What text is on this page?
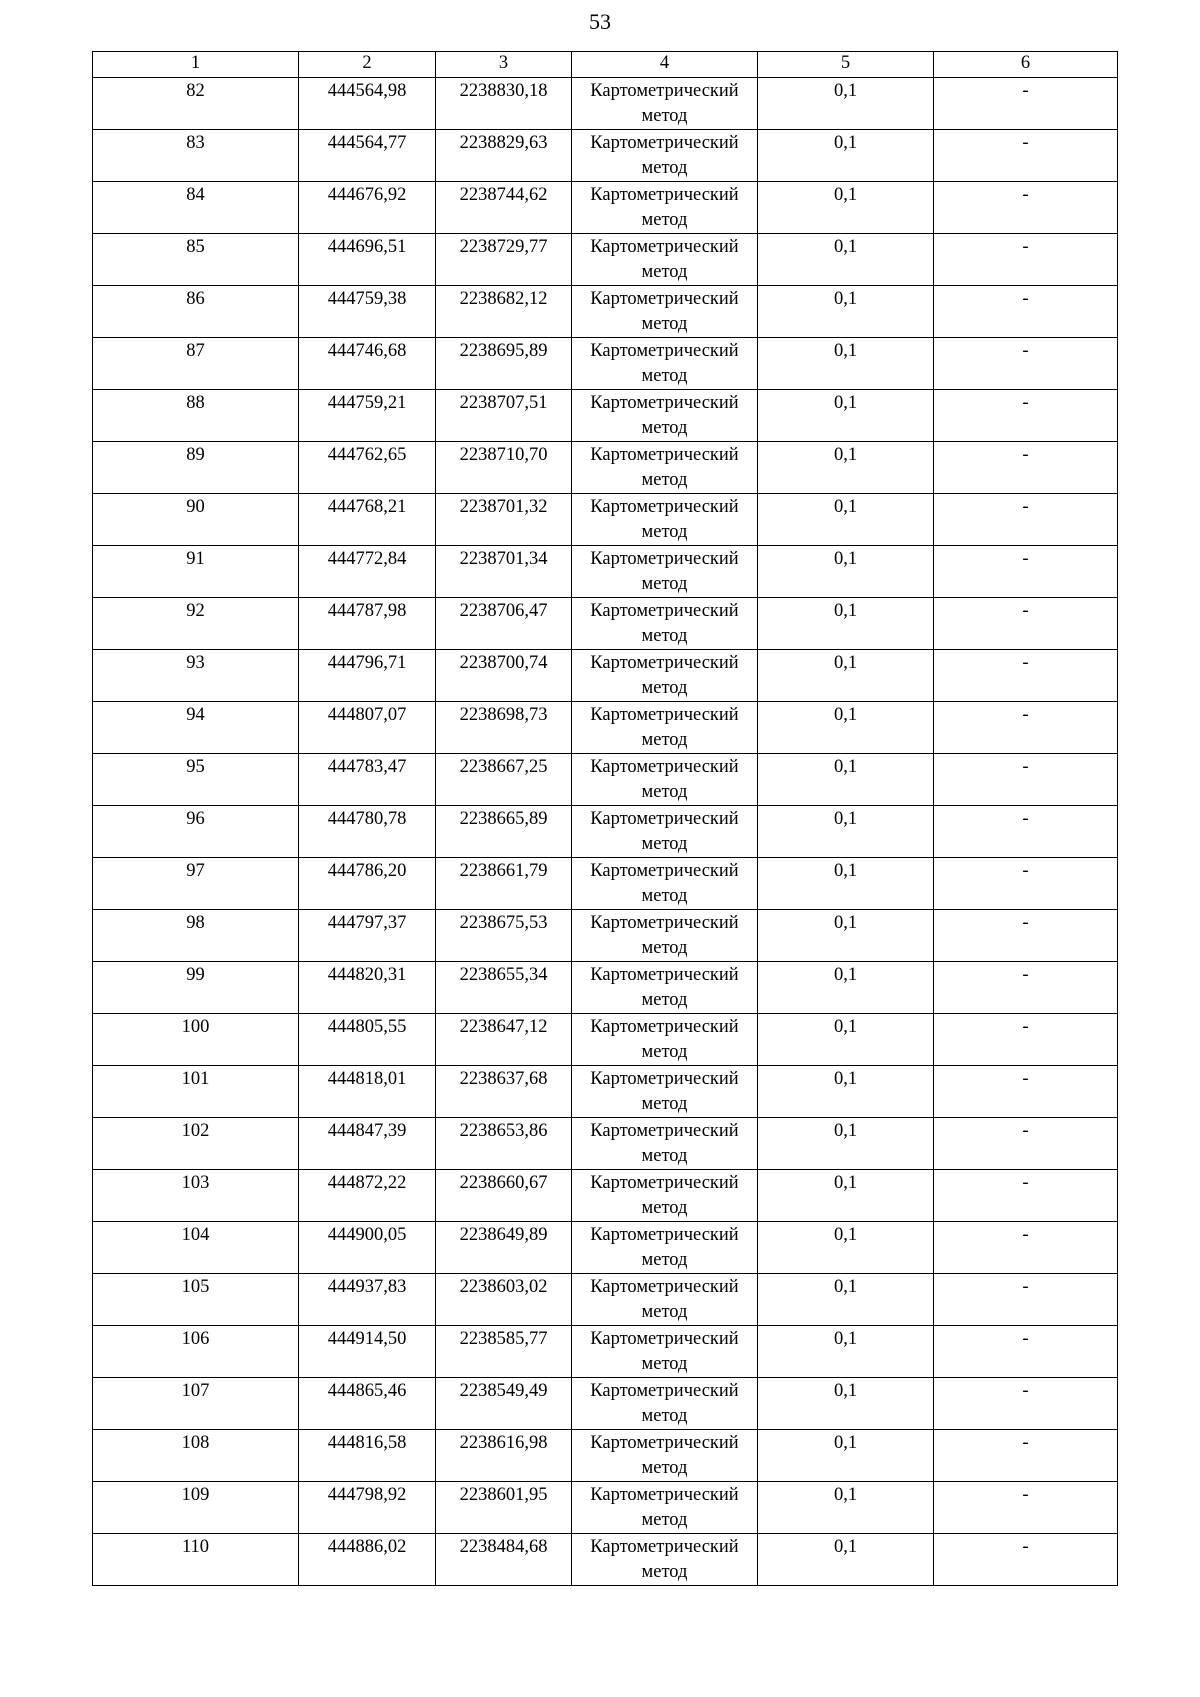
53
1	2	3	4	5	6
82	444564,98	2238830,18	Картометрический метод	0,1	-
83	444564,77	2238829,63	Картометрический метод	0,1	-
84	444676,92	2238744,62	Картометрический метод	0,1	-
85	444696,51	2238729,77	Картометрический метод	0,1	-
86	444759,38	2238682,12	Картометрический метод	0,1	-
87	444746,68	2238695,89	Картометрический метод	0,1	-
88	444759,21	2238707,51	Картометрический метод	0,1	-
89	444762,65	2238710,70	Картометрический метод	0,1	-
90	444768,21	2238701,32	Картометрический метод	0,1	-
91	444772,84	2238701,34	Картометрический метод	0,1	-
92	444787,98	2238706,47	Картометрический метод	0,1	-
93	444796,71	2238700,74	Картометрический метод	0,1	-
94	444807,07	2238698,73	Картометрический метод	0,1	-
95	444783,47	2238667,25	Картометрический метод	0,1	-
96	444780,78	2238665,89	Картометрический метод	0,1	-
97	444786,20	2238661,79	Картометрический метод	0,1	-
98	444797,37	2238675,53	Картометрический метод	0,1	-
99	444820,31	2238655,34	Картометрический метод	0,1	-
100	444805,55	2238647,12	Картометрический метод	0,1	-
101	444818,01	2238637,68	Картометрический метод	0,1	-
102	444847,39	2238653,86	Картометрический метод	0,1	-
103	444872,22	2238660,67	Картометрический метод	0,1	-
104	444900,05	2238649,89	Картометрический метод	0,1	-
105	444937,83	2238603,02	Картометрический метод	0,1	-
106	444914,50	2238585,77	Картометрический метод	0,1	-
107	444865,46	2238549,49	Картометрический метод	0,1	-
108	444816,58	2238616,98	Картометрический метод	0,1	-
109	444798,92	2238601,95	Картометрический метод	0,1	-
110	444886,02	2238484,68	Картометрический метод	0,1	-
